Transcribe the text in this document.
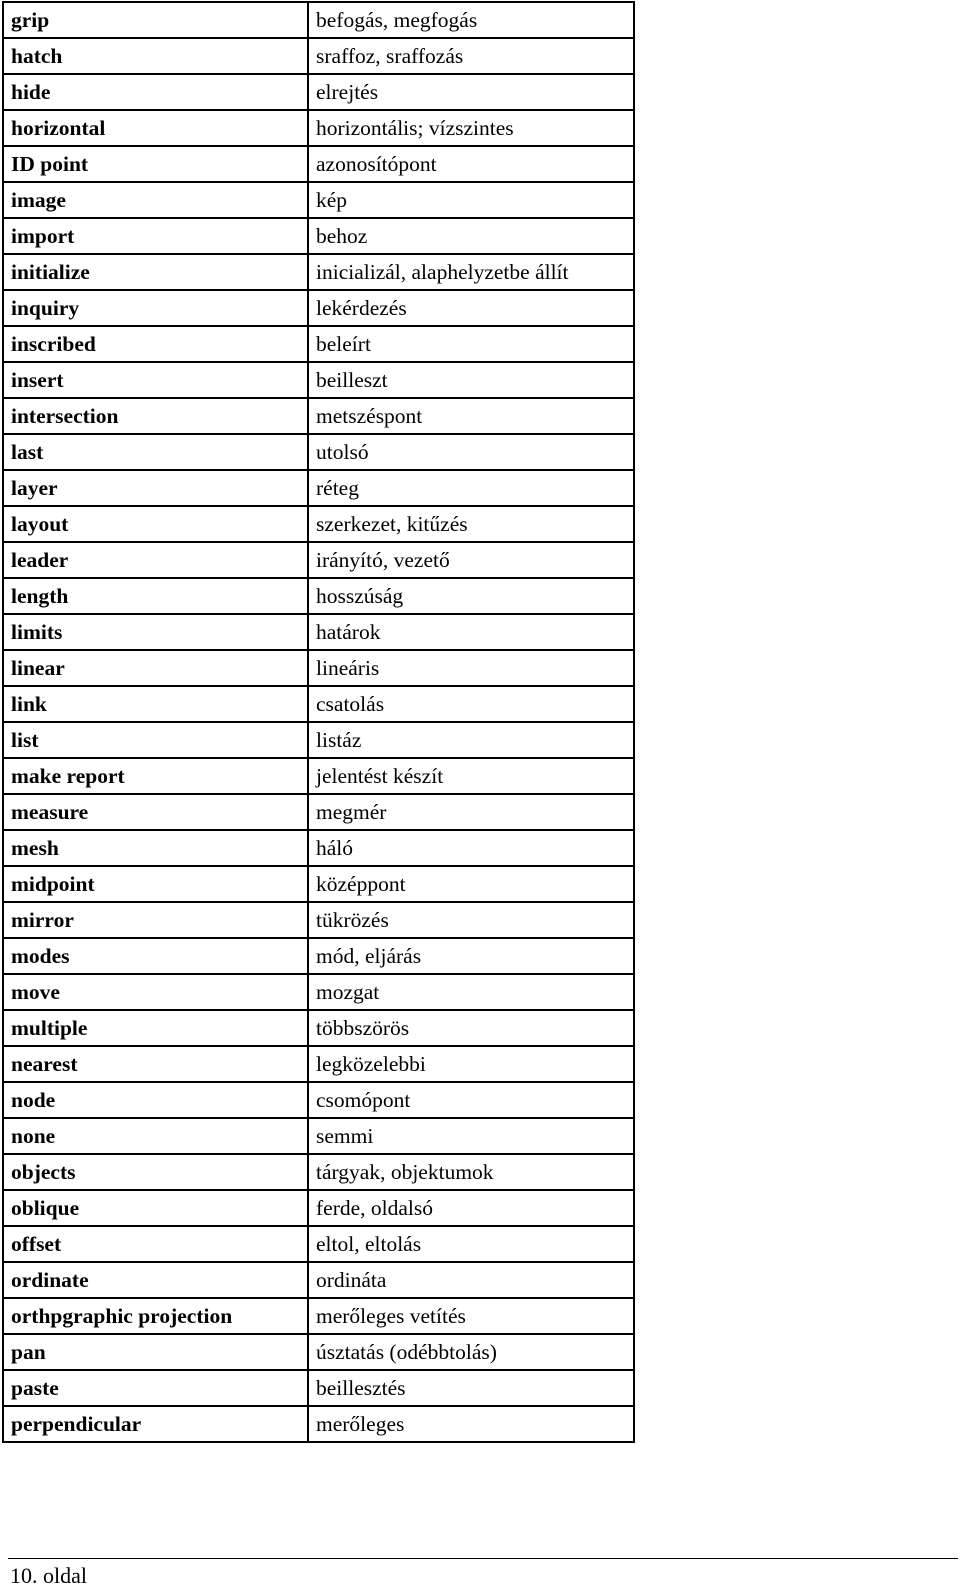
grip	befogás, megfogás
hatch	sraffoz, sraffozás
hide	elrejtés
horizontal	horizontális; vízszintes
ID point	azonosítópont
image	kép
import	behoz
initialize	inicializál, alaphelyzetbe állít
inquiry	lekérdezés
inscribed	beleírt
insert	beilleszt
intersection	metszéspont
last	utolsó
layer	réteg
layout	szerkezet, kitűzés
leader	irányító, vezető
length	hosszúság
limits	határok
linear	lineáris
link	csatolás
list	listáz
make report	jelentést készít
measure	megmér
mesh	háló
midpoint	középpont
mirror	tükrözés
modes	mód, eljárás
move	mozgat
multiple	többszörös
nearest	legközelebbi
node	csomópont
none	semmi
objects	tárgyak, objektumok
oblique	ferde, oldalsó
offset	eltol, eltolás
ordinate	ordináta
orthpgraphic projection	merőleges vetítés
pan	úsztatás (odébbtolás)
paste	beillesztés
perpendicular	merőleges
10. oldal
